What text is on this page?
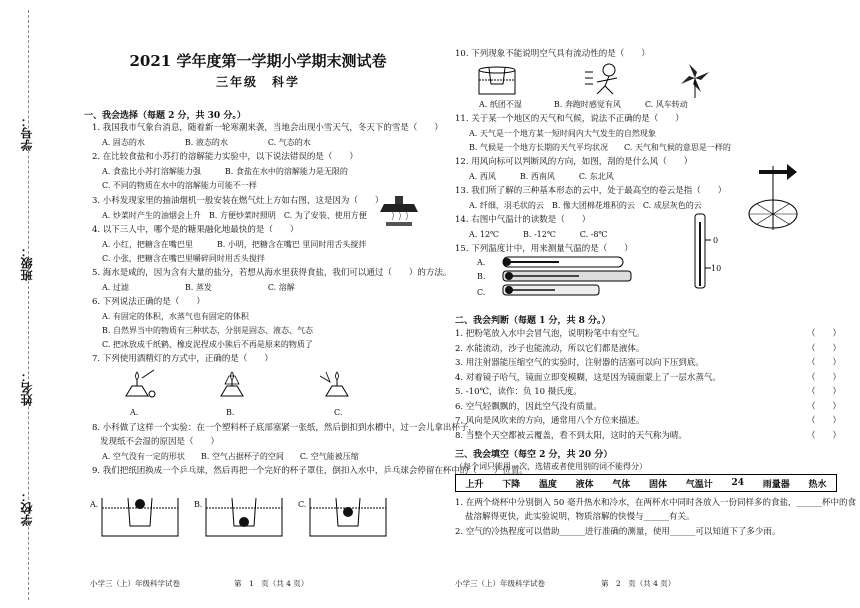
学号：
班级：
姓名：
学校：
2021 学年度第一学期小学期末测试卷
三年级　科学
一、我会选择（每题 2 分，共 30 分。）
1. 我国我市气象台消息，随着新一轮寒潮来袭，当地会出现小雪天气，冬天下的雪是（　　）
A. 固态的水　　　　　B. 液态的水　　　　　C. 气态的水
2. 在比较食盐和小苏打的溶解能力实验中，以下说法错误的是（　　）
A. 食盐比小苏打溶解能力强　　　B. 食盐在水中的溶解能力是无限的
C. 不同的物质在水中的溶解能力可能不一样
3. 小科发现家里的抽油烟机一般安装在燃气灶上方如右图，这是因为（　　）
A. 炒菜时产生的油烟会上升　B. 方便炒菜时照明　C. 为了安装、使用方便
4. 以下三人中，哪个是的糖果融化地最快的是（　　）
A. 小红，把糖含在嘴巴里　　　B. 小明，把糖含在嘴巴 里同时用舌头搅拌
C. 小张，把糖含在嘴巴里嚼碎同时用舌头搅拌
5. 海水是咸的，因为含有大量的盐分，若想从海水里获得食盐，我们可以通过（　　）的方法。
A. 过滤　　　　　　　B. 蒸发　　　　　　　C. 溶解
6. 下列说法正确的是（　　）
A. 有固定的体积，水蒸气也有固定的体积
B. 自然界当中的物质有三种状态，分别是固态、液态、气态
C. 把冰放成千纸鹤、橡皮泥捏成小熊后不再是原来的物质了
7. 下列使用酒精灯的方式中，正确的是（　　）
A.	B.	C.
8. 小科做了这样一个实验：在一个塑料杯子底部塞紧一张纸，然后倒扣到水槽中，过一会儿拿出杯子，
发现纸不会湿的原因是（　　）
A. 空气没有一定的形状　　B. 空气占据杯子的空间　　C. 空气能被压缩
9. 我们把纸团换成一个乒乓球，然后再把一个完好的杯子罩住，倒扣入水中，乒乓球会停留在杯中的（　　）位置。
A.	B.	C.
小学三（上）年级科学试卷	第　1　页（共 4 页）
10. 下列现象不能说明空气具有流动性的是（　　）
A. 纸团不湿　　　　B. 奔跑时感觉有风　　　C. 风车转动
11. 关于某一个地区的天气和气候，说法不正确的是（　　）
A. 天气是一个地方某一短时间内大气发生的自然现象
B. 气候是一个地方长期的天气平均状况　　C. 天气和气候的意思是一样的
12. 用风向标可以判断风的方向，如图，刮的是什么风（　　）
A. 西风　　　B. 西南风　　　C. 东北风
13. 我们所了解的三种基本形态的云中，处于最高空的卷云是指（　　）
A. 纤细，羽毛状的云　B. 像大团棉花堆积的云　C. 成层灰色的云
14. 右图中气温计的读数是（　　）
A. 12℃　　　B. -12℃　　　C. -8℃
15. 下列温度计中，用来测量气温的是（　　）
A.
B.
C.
0
10
二、我会判断（每题 1 分，共 8 分。）
1. 把粉笔放入水中会冒气泡，说明粉笔中有空气。	（　　）
2. 水能流动，沙子也能流动，所以它们都是液体。	（　　）
3. 用注射器能压缩空气的实验时，注射器的活塞可以向下压到底。	（　　）
4. 对着镜子哈气，镜面立即变模糊，这是因为镜面蒙上了一层水蒸气。	（　　）
5. -10℃，读作：负 10 摄氏度。	（　　）
6. 空气轻飘飘的，因此空气没有质量。	（　　）
7. 风向是风吹来的方向，通常用八个方位来描述。	（　　）
8. 当整个天空都被云覆盖，看不到太阳，这时的天气称为晴。	（　　）
三、我会填空（每空 2 分，共 20 分）
（每个词只能用一次，选错或者使用别的词不能得分）
1. 在两个烧杯中分别倒入 50 毫升热水和冷水，在两杯水中同时各放入一份同样多的食盐，______杯中的食
盐溶解得更快，此实验说明，物质溶解的快慢与______有关。
2. 空气的冷热程度可以借助______进行准确的测量，使用______可以知道下了多少雨。
小学三（上）年级科学试卷	第　2　页（共 4 页）
上升 下降 温度 液体 气体 固体 气温计 24 雨量器 热水
